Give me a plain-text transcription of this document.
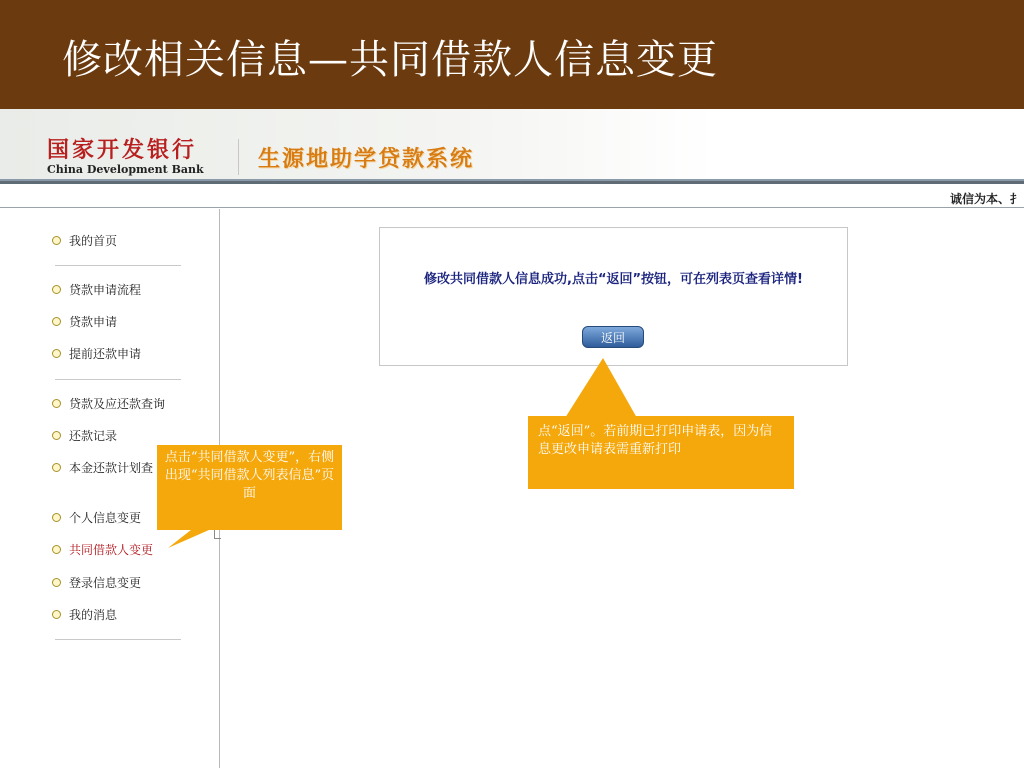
修改相关信息—共同借款人信息变更
国家开发银行
China Development Bank 生源地助学贷款系统
诚信为本、扌
我的首页
贷款申请流程
贷款申请
提前还款申请
贷款及应还款查询
还款记录
本金还款计划查
个人信息变更
共同借款人变更
登录信息变更
我的消息
修改共同借款人信息成功,点击“返回”按钮，可在列表页查看详情!
返回
点“返回”。若前期已打印申请表，因为信息更改申请表需重新打印
点击“共同借款人变更”，右侧出现“共同借款人列表信息”页面
